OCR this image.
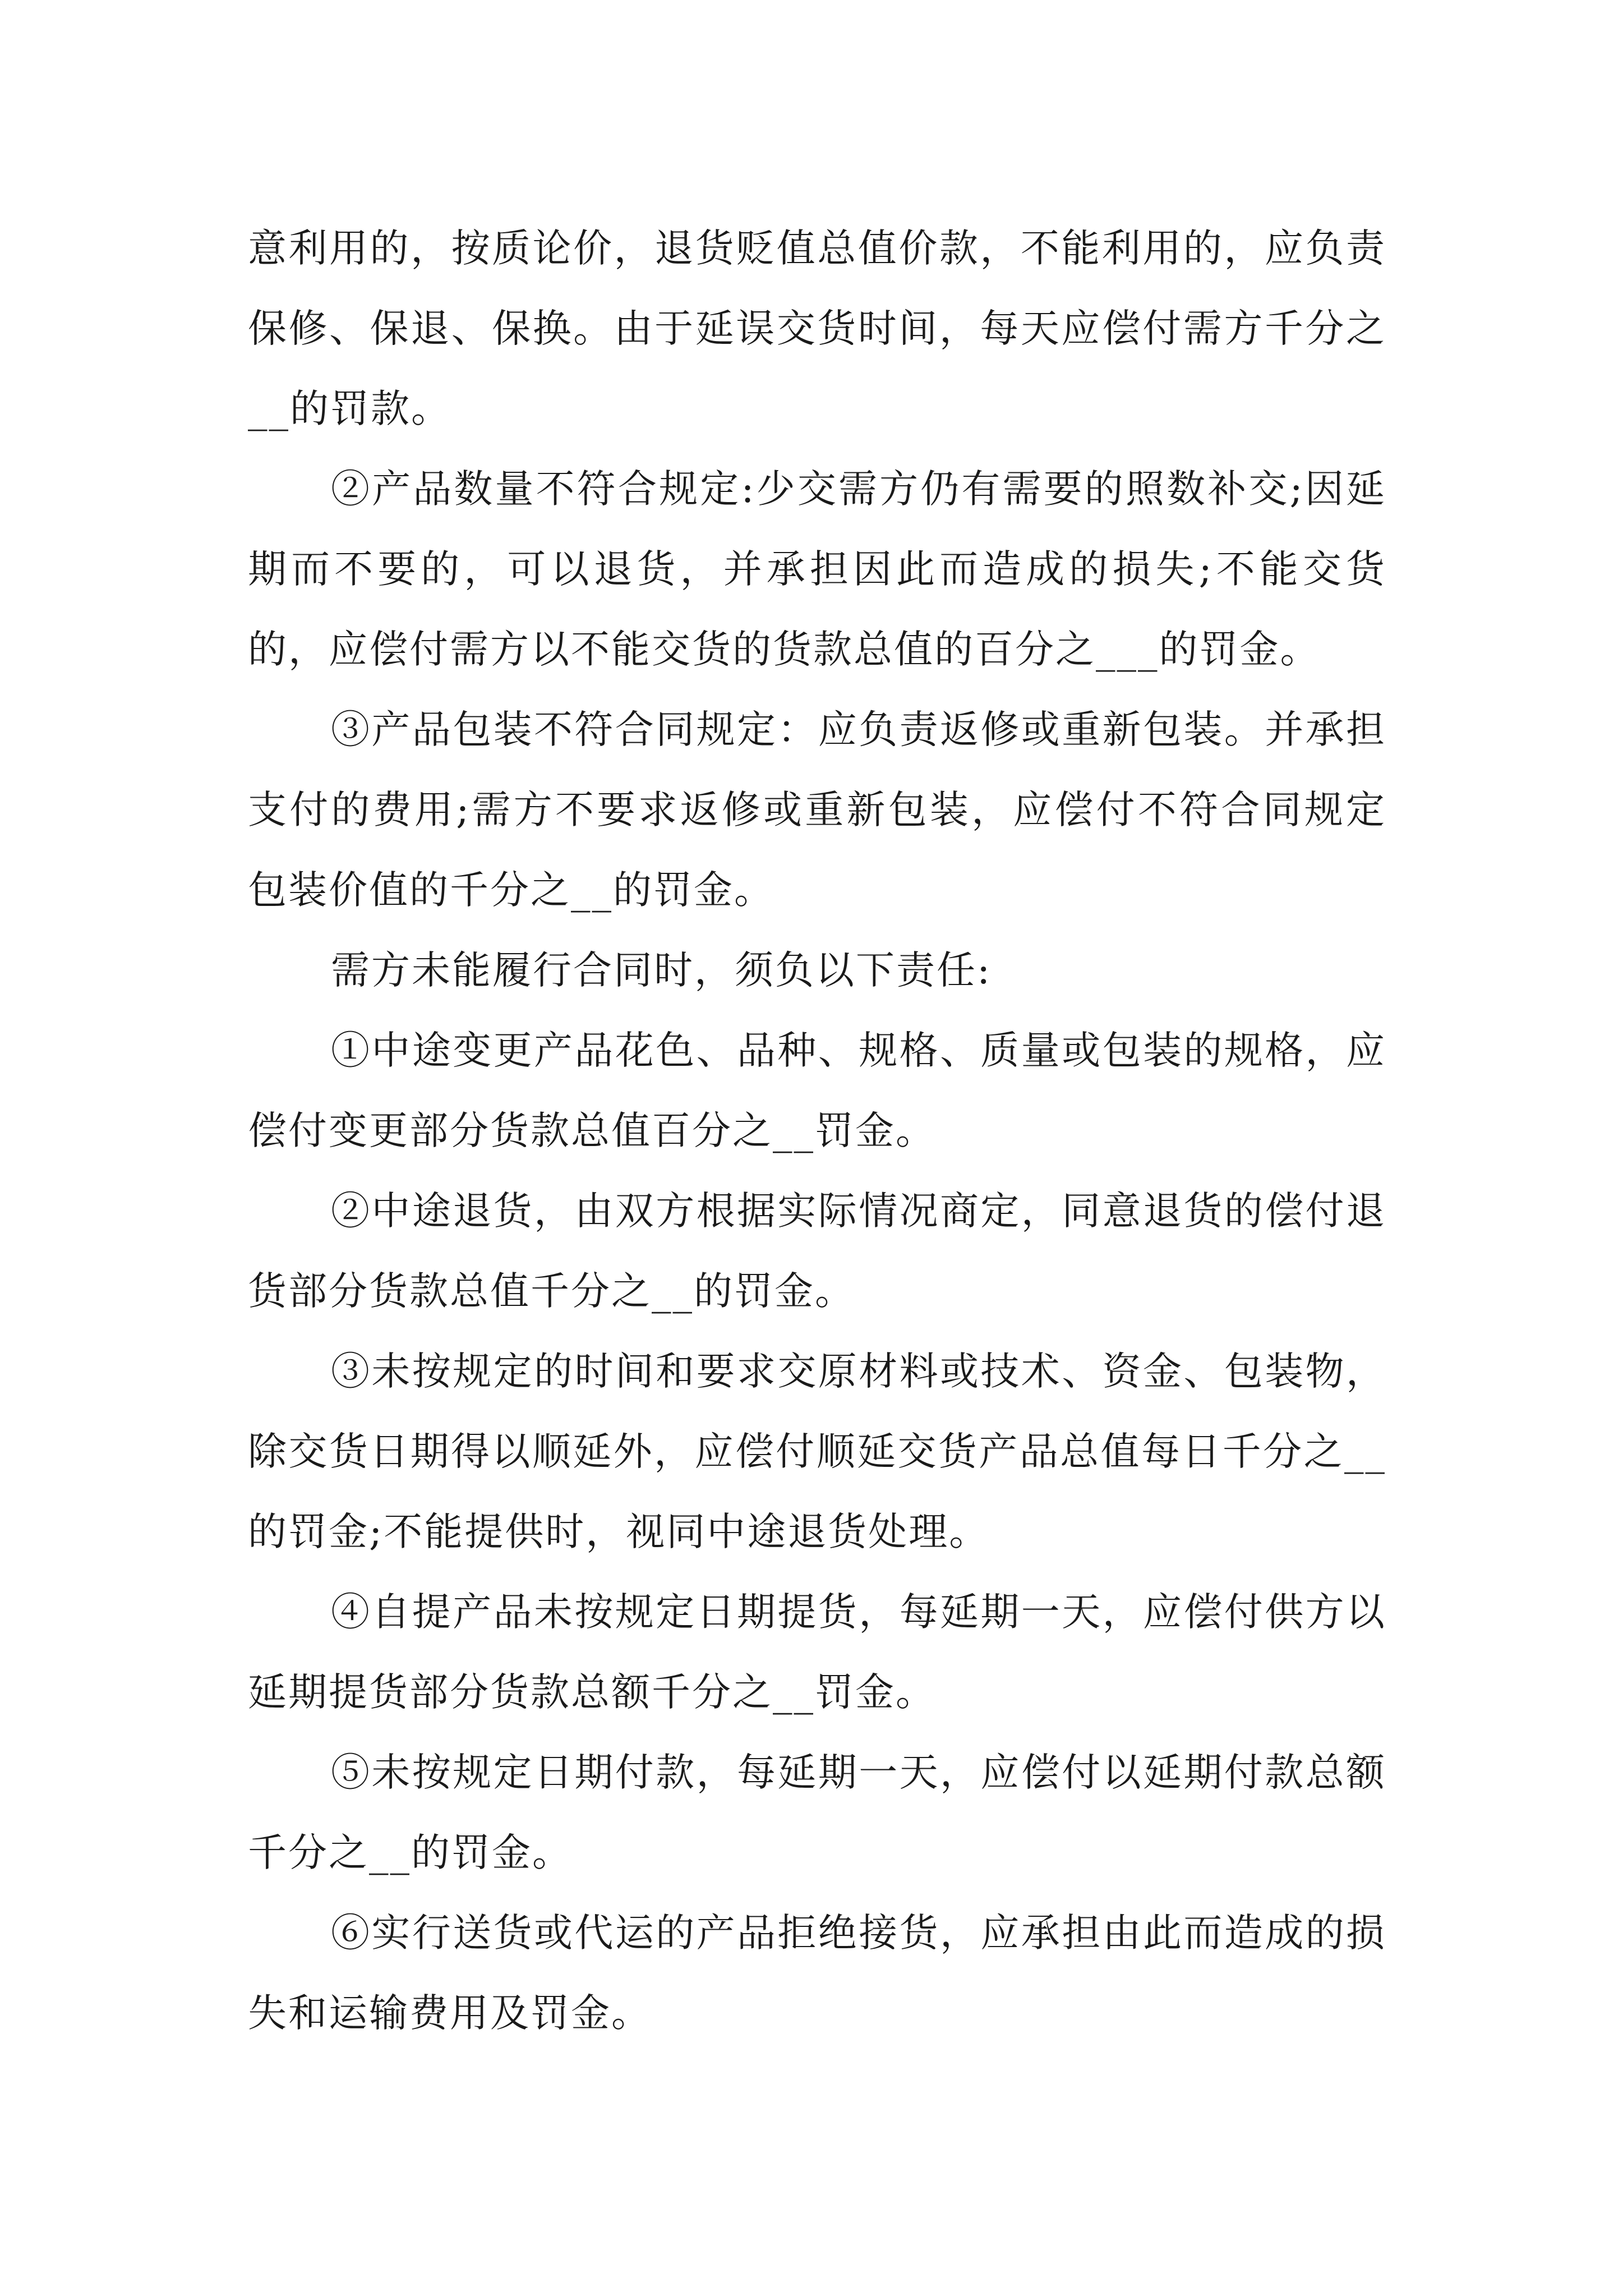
意利用的，按质论价，退货贬值总值价款，不能利用的，应负责保修、保退、保换。由于延误交货时间，每天应偿付需方千分之__的罚款。

②产品数量不符合规定:少交需方仍有需要的照数补交;因延期而不要的，可以退货，并承担因此而造成的损失;不能交货的，应偿付需方以不能交货的货款总值的百分之___的罚金。

③产品包装不符合同规定：应负责返修或重新包装。并承担支付的费用;需方不要求返修或重新包装，应偿付不符合同规定包装价值的千分之__的罚金。

需方未能履行合同时，须负以下责任:

①中途变更产品花色、品种、规格、质量或包装的规格，应偿付变更部分货款总值百分之__罚金。

②中途退货，由双方根据实际情况商定，同意退货的偿付退货部分货款总值千分之__的罚金。

③未按规定的时间和要求交原材料或技术、资金、包装物，除交货日期得以顺延外，应偿付顺延交货产品总值每日千分之__的罚金;不能提供时，视同中途退货处理。

④自提产品未按规定日期提货，每延期一天，应偿付供方以延期提货部分货款总额千分之__罚金。

⑤未按规定日期付款，每延期一天，应偿付以延期付款总额千分之__的罚金。

⑥实行送货或代运的产品拒绝接货，应承担由此而造成的损失和运输费用及罚金。
